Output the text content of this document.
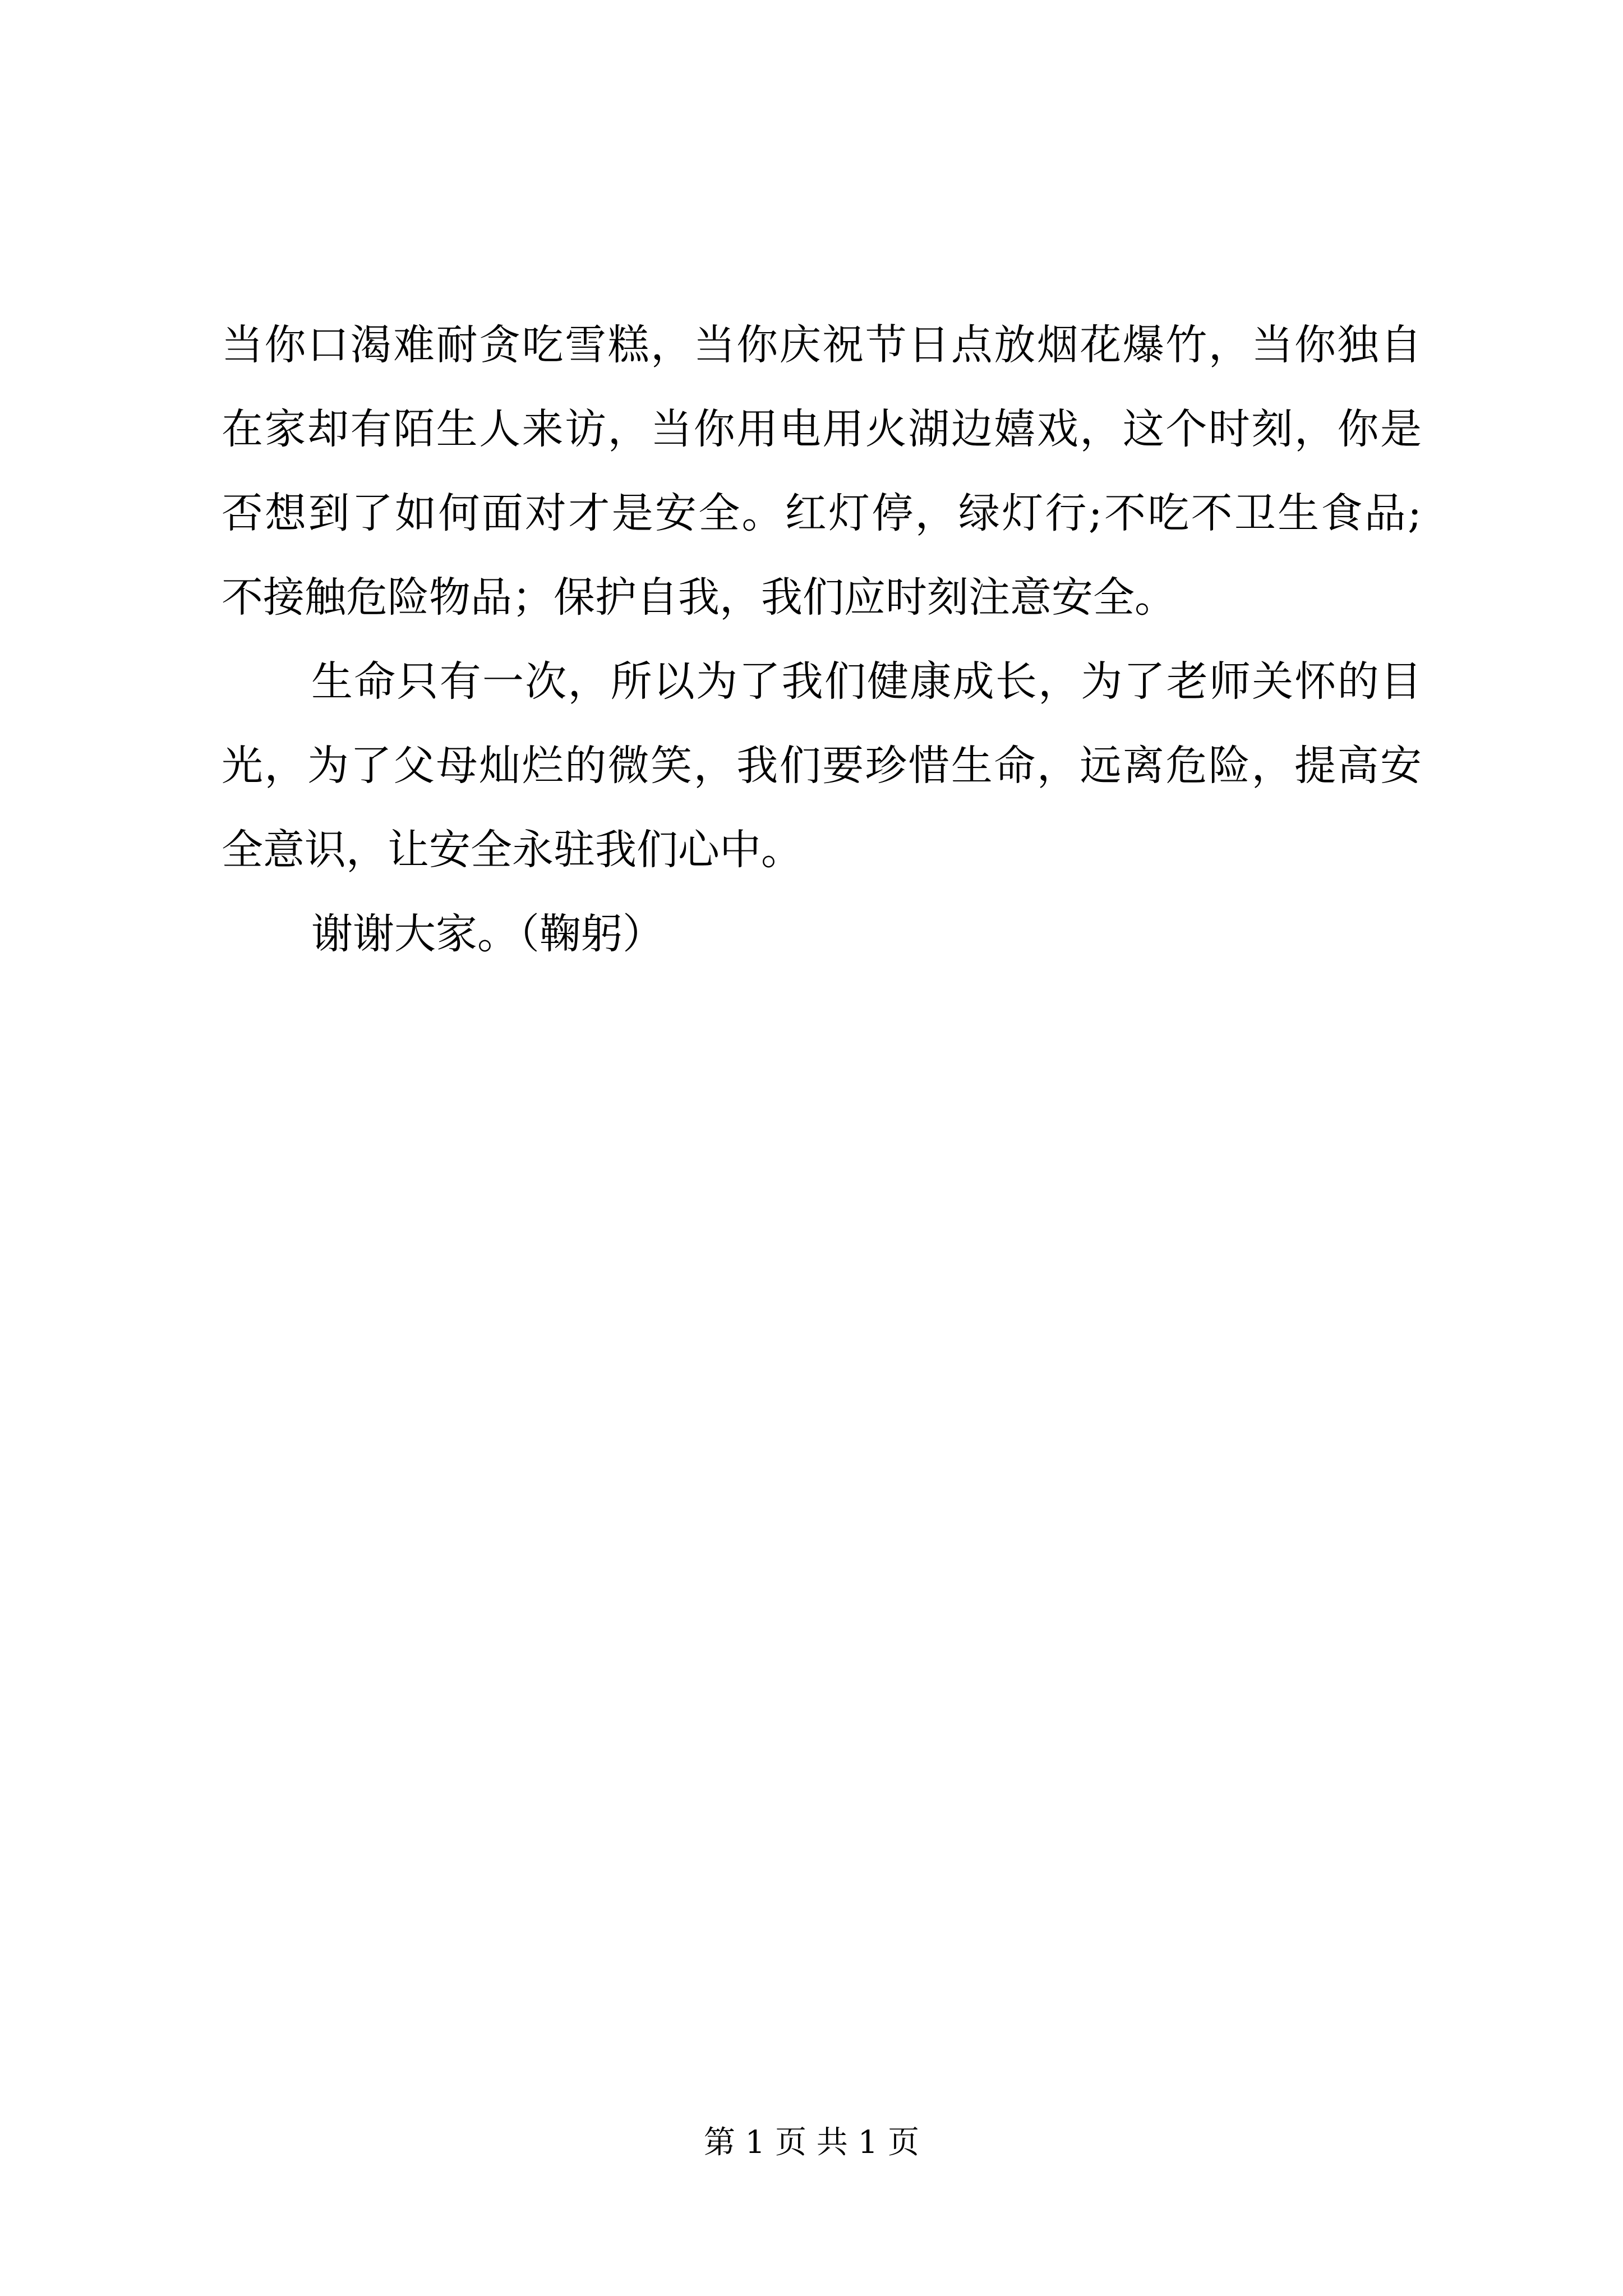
当你口渴难耐贪吃雪糕，当你庆祝节日点放烟花爆竹，当你独自
在家却有陌生人来访，当你用电用火湖边嬉戏，这个时刻，你是
否想到了如何面对才是安全。红灯停，绿灯行;不吃不卫生食品;
不接触危险物品；保护自我，我们应时刻注意安全。
生命只有一次，所以为了我们健康成长，为了老师关怀的目
光，为了父母灿烂的微笑，我们要珍惜生命，远离危险，提高安
全意识，让安全永驻我们心中。
谢谢大家。（鞠躬）
第 1 页 共 1 页
